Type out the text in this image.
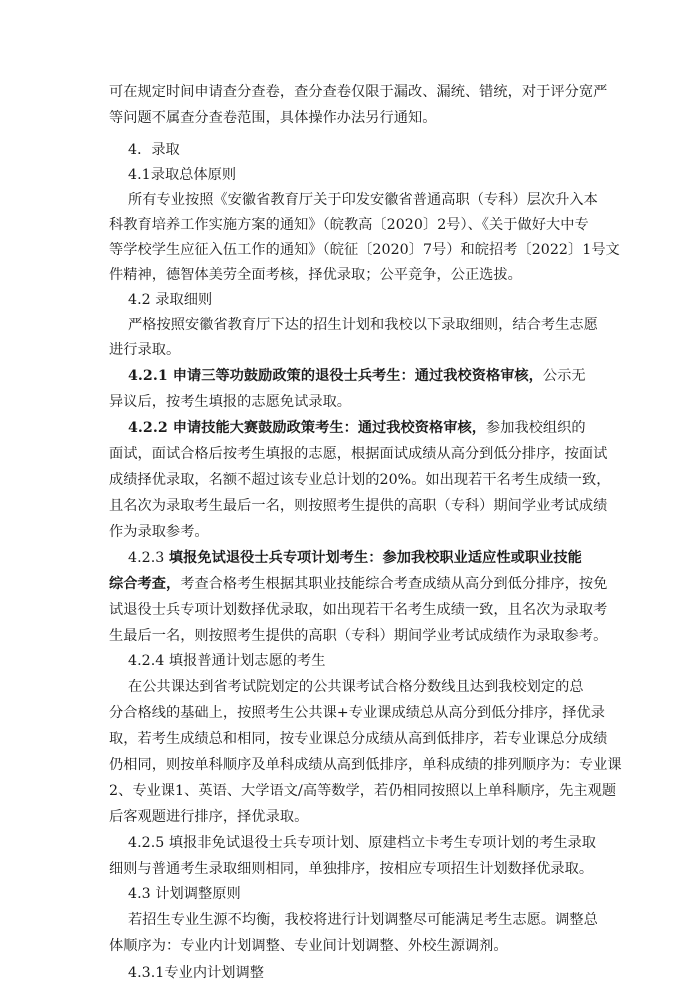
可在规定时间申请查分查卷，查分查卷仅限于漏改、漏统、错统，对于评分宽严
等问题不属查分查卷范围，具体操作办法另行通知。
4．录取
4.1录取总体原则
所有专业按照《安徽省教育厅关于印发安徽省普通高职（专科）层次升入本
科教育培养工作实施方案的通知》（皖教高〔2020〕2号）、《关于做好大中专
等学校学生应征入伍工作的通知》（皖征〔2020〕7号）和皖招考〔2022〕1号文
件精神，德智体美劳全面考核，择优录取；公平竞争，公正选拔。
4.2 录取细则
严格按照安徽省教育厅下达的招生计划和我校以下录取细则，结合考生志愿
进行录取。
4.2.1 申请三等功鼓励政策的退役士兵考生：通过我校资格审核，公示无
异议后，按考生填报的志愿免试录取。
4.2.2 申请技能大赛鼓励政策考生：通过我校资格审核，参加我校组织的
面试，面试合格后按考生填报的志愿，根据面试成绩从高分到低分排序，按面试
成绩择优录取，名额不超过该专业总计划的20%。如出现若干名考生成绩一致，
且名次为录取考生最后一名，则按照考生提供的高职（专科）期间学业考试成绩
作为录取参考。
4.2.3 填报免试退役士兵专项计划考生：参加我校职业适应性或职业技能
综合考查，考查合格考生根据其职业技能综合考查成绩从高分到低分排序，按免
试退役士兵专项计划数择优录取，如出现若干名考生成绩一致，且名次为录取考
生最后一名，则按照考生提供的高职（专科）期间学业考试成绩作为录取参考。
4.2.4 填报普通计划志愿的考生
在公共课达到省考试院划定的公共课考试合格分数线且达到我校划定的总
分合格线的基础上，按照考生公共课+专业课成绩总从高分到低分排序，择优录
取，若考生成绩总和相同，按专业课总分成绩从高到低排序，若专业课总分成绩
仍相同，则按单科顺序及单科成绩从高到低排序，单科成绩的排列顺序为：专业课
2、专业课1、英语、大学语文/高等数学，若仍相同按照以上单科顺序，先主观题
后客观题进行排序，择优录取。
4.2.5 填报非免试退役士兵专项计划、原建档立卡考生专项计划的考生录取
细则与普通考生录取细则相同，单独排序，按相应专项招生计划数择优录取。
4.3 计划调整原则
若招生专业生源不均衡，我校将进行计划调整尽可能满足考生志愿。调整总
体顺序为：专业内计划调整、专业间计划调整、外校生源调剂。
4.3.1专业内计划调整
